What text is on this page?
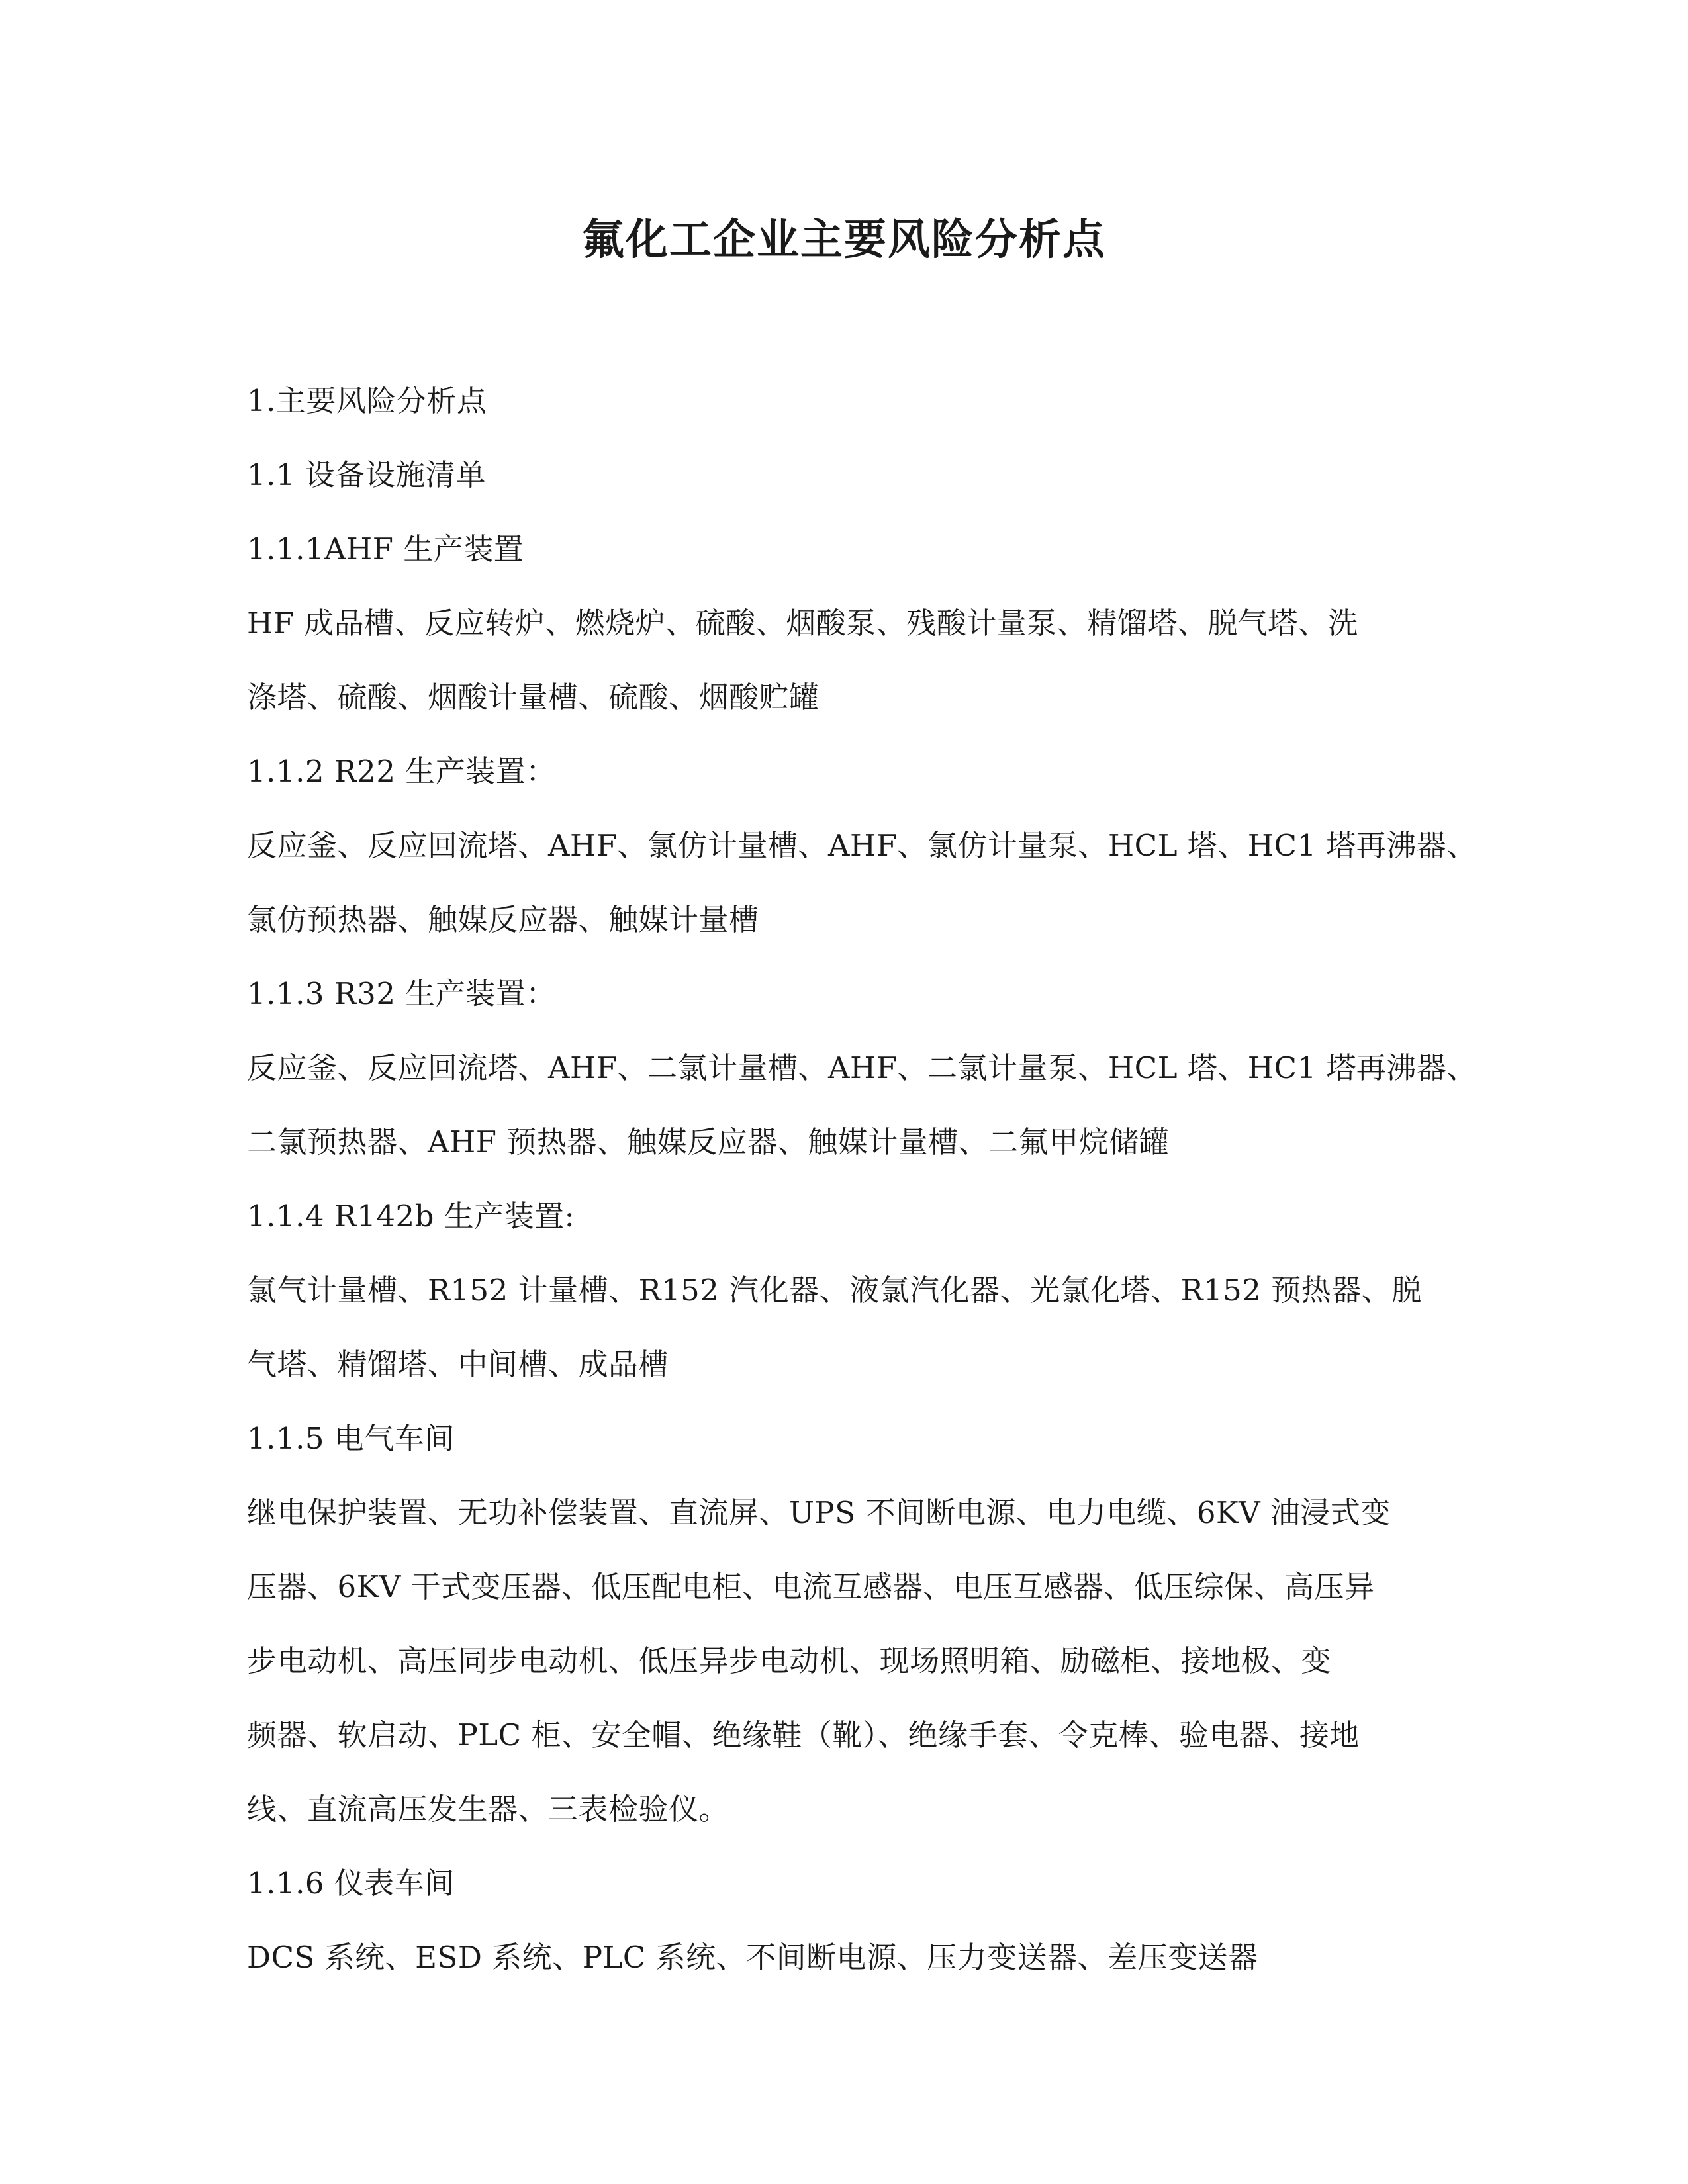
氟化工企业主要风险分析点
1.主要风险分析点
1.1 设备设施清单
1.1.1AHF 生产装置
HF 成品槽、反应转炉、燃烧炉、硫酸、烟酸泵、残酸计量泵、精馏塔、脱气塔、洗
涤塔、硫酸、烟酸计量槽、硫酸、烟酸贮罐
1.1.2 R22 生产装置：
反应釜、反应回流塔、AHF、氯仿计量槽、AHF、氯仿计量泵、HCL 塔、HC1 塔再沸器、
氯仿预热器、触媒反应器、触媒计量槽
1.1.3 R32 生产装置：
反应釜、反应回流塔、AHF、二氯计量槽、AHF、二氯计量泵、HCL 塔、HC1 塔再沸器、
二氯预热器、AHF 预热器、触媒反应器、触媒计量槽、二氟甲烷储罐
1.1.4 R142b 生产装置:
氯气计量槽、R152 计量槽、R152 汽化器、液氯汽化器、光氯化塔、R152 预热器、脱
气塔、精馏塔、中间槽、成品槽
1.1.5 电气车间
继电保护装置、无功补偿装置、直流屏、UPS 不间断电源、电力电缆、6KV 油浸式变
压器、6KV 干式变压器、低压配电柜、电流互感器、电压互感器、低压综保、高压异
步电动机、高压同步电动机、低压异步电动机、现场照明箱、励磁柜、接地极、变
频器、软启动、PLC 柜、安全帽、绝缘鞋（靴）、绝缘手套、令克棒、验电器、接地
线、直流高压发生器、三表检验仪。
1.1.6 仪表车间
DCS 系统、ESD 系统、PLC 系统、不间断电源、压力变送器、差压变送器
